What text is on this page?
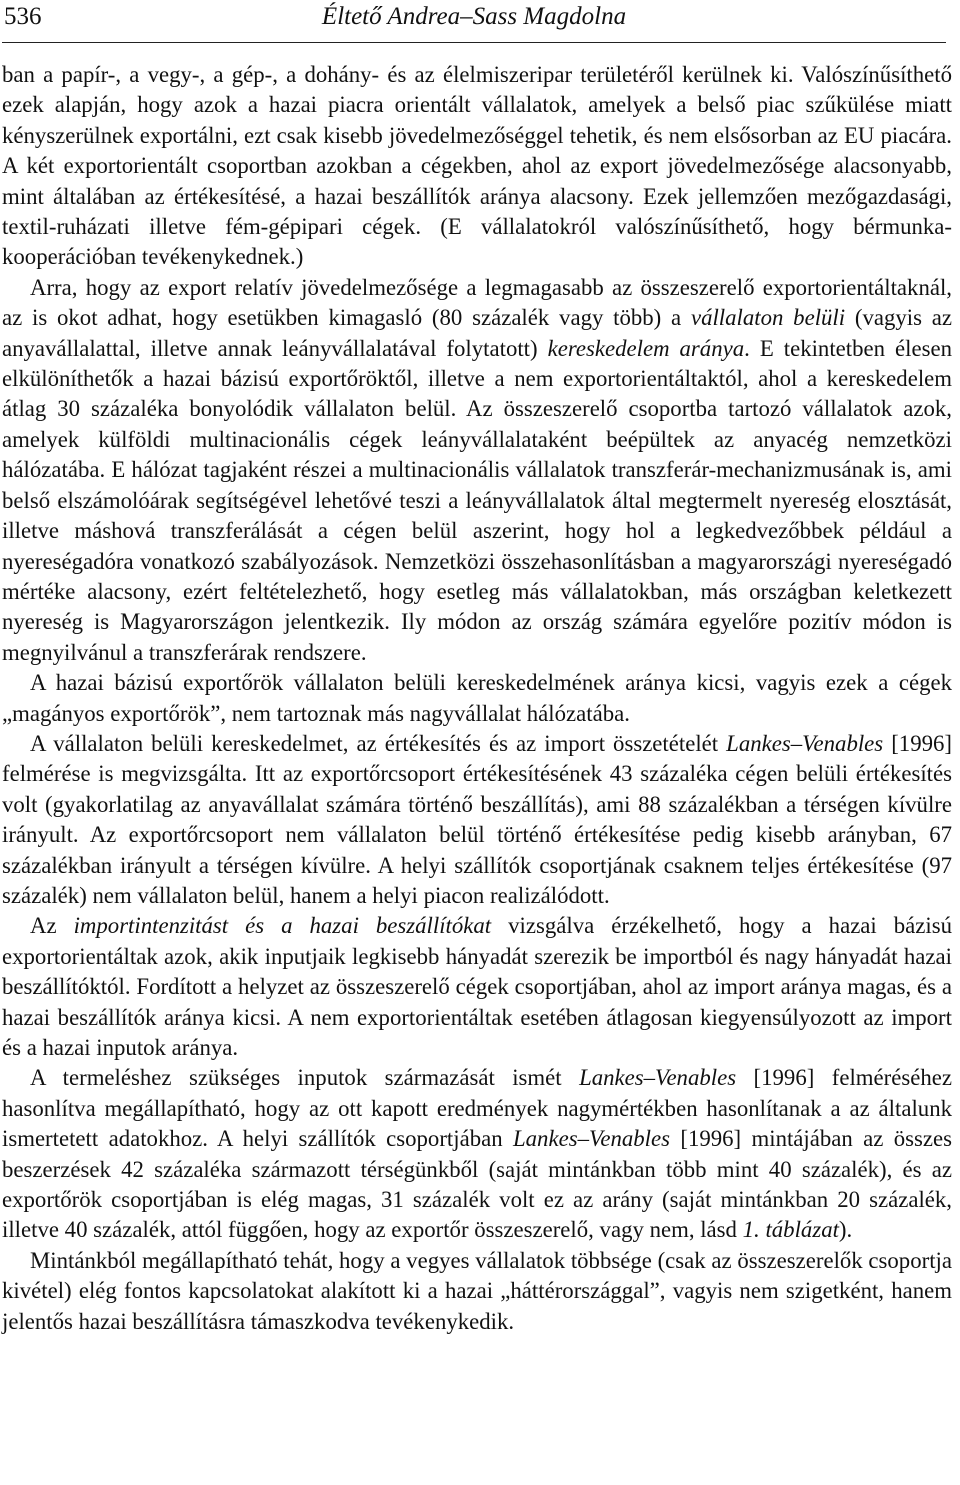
536	Éltető Andrea–Sass Magdolna

ban a papír-, a vegy-, a gép-, a dohány- és az élelmiszeripar területéről kerülnek ki. Valószínűsíthető ezek alapján, hogy azok a hazai piacra orientált vállalatok, amelyek a belső piac szűkülése miatt kényszerülnek exportálni, ezt csak kisebb jövedelmezőséggel tehetik, és nem elsősorban az EU piacára. A két exportorientált csoportban azokban a cégekben, ahol az export jövedelmezősége alacsonyabb, mint általában az értékesítésé, a hazai beszállítók aránya alacsony. Ezek jellemzően mezőgazdasági, textil-ruházati illetve fém-gépipari cégek. (E vállalatokról valószínűsíthető, hogy bérmunka-kooperációban tevékenykednek.)

Arra, hogy az export relatív jövedelmezősége a legmagasabb az összeszerelő exportorientáltaknál, az is okot adhat, hogy esetükben kimagasló (80 százalék vagy több) a vállalaton belüli (vagyis az anyavállalattal, illetve annak leányvállalatával folytatott) kereskedelem aránya. E tekintetben élesen elkülöníthetők a hazai bázisú exportőröktől, illetve a nem exportorientáltaktól, ahol a kereskedelem átlag 30 százaléka bonyolódik vállalaton belül. Az összeszerelő csoportba tartozó vállalatok azok, amelyek külföldi multinacionális cégek leányvállalataként beépültek az anyacég nemzetközi hálózatába. E hálózat tagjaként részei a multinacionális vállalatok transzferár-mechanizmusának is, ami belső elszámolóárak segítségével lehetővé teszi a leányvállalatok által megtermelt nyereség elosztását, illetve máshová transzferálását a cégen belül aszerint, hogy hol a legkedvezőbbek például a nyereségadóra vonatkozó szabályozások. Nemzetközi összehasonlításban a magyarországi nyereségadó mértéke alacsony, ezért feltételezhető, hogy esetleg más vállalatokban, más országban keletkezett nyereség is Magyarországon jelentkezik. Ily módon az ország számára egyelőre pozitív módon is megnyilvánul a transzferárak rendszere.

A hazai bázisú exportőrök vállalaton belüli kereskedelmének aránya kicsi, vagyis ezek a cégek „magányos exportőrök”, nem tartoznak más nagyvállalat hálózatába.

A vállalaton belüli kereskedelmet, az értékesítés és az import összetételét Lankes–Venables [1996] felmérése is megvizsgálta. Itt az exportőrcsoport értékesítésének 43 százaléka cégen belüli értékesítés volt (gyakorlatilag az anyavállalat számára történő beszállítás), ami 88 százalékban a térségen kívülre irányult. Az exportőrcsoport nem vállalaton belül történő értékesítése pedig kisebb arányban, 67 százalékban irányult a térségen kívülre. A helyi szállítók csoportjának csaknem teljes értékesítése (97 százalék) nem vállalaton belül, hanem a helyi piacon realizálódott.

Az importintenzitást és a hazai beszállítókat vizsgálva érzékelhető, hogy a hazai bázisú exportorientáltak azok, akik inputjaik legkisebb hányadát szerezik be importból és nagy hányadát hazai beszállítóktól. Fordított a helyzet az összeszerelő cégek csoportjában, ahol az import aránya magas, és a hazai beszállítók aránya kicsi. A nem exportorientáltak esetében átlagosan kiegyensúlyozott az import és a hazai inputok aránya.

A termeléshez szükséges inputok származását ismét Lankes–Venables [1996] felméréséhez hasonlítva megállapítható, hogy az ott kapott eredmények nagymértékben hasonlítanak a az általunk ismertetett adatokhoz. A helyi szállítók csoportjában Lankes–Venables [1996] mintájában az összes beszerzések 42 százaléka származott térségünkből (saját mintánkban több mint 40 százalék), és az exportőrök csoportjában is elég magas, 31 százalék volt ez az arány (saját mintánkban 20 százalék, illetve 40 százalék, attól függően, hogy az exportőr összeszerelő, vagy nem, lásd 1. táblázat).

Mintánkból megállapítható tehát, hogy a vegyes vállalatok többsége (csak az összeszerelők csoportja kivétel) elég fontos kapcsolatokat alakított ki a hazai „háttérországgal”, vagyis nem szigetként, hanem jelentős hazai beszállításra támaszkodva tevékenykedik.
